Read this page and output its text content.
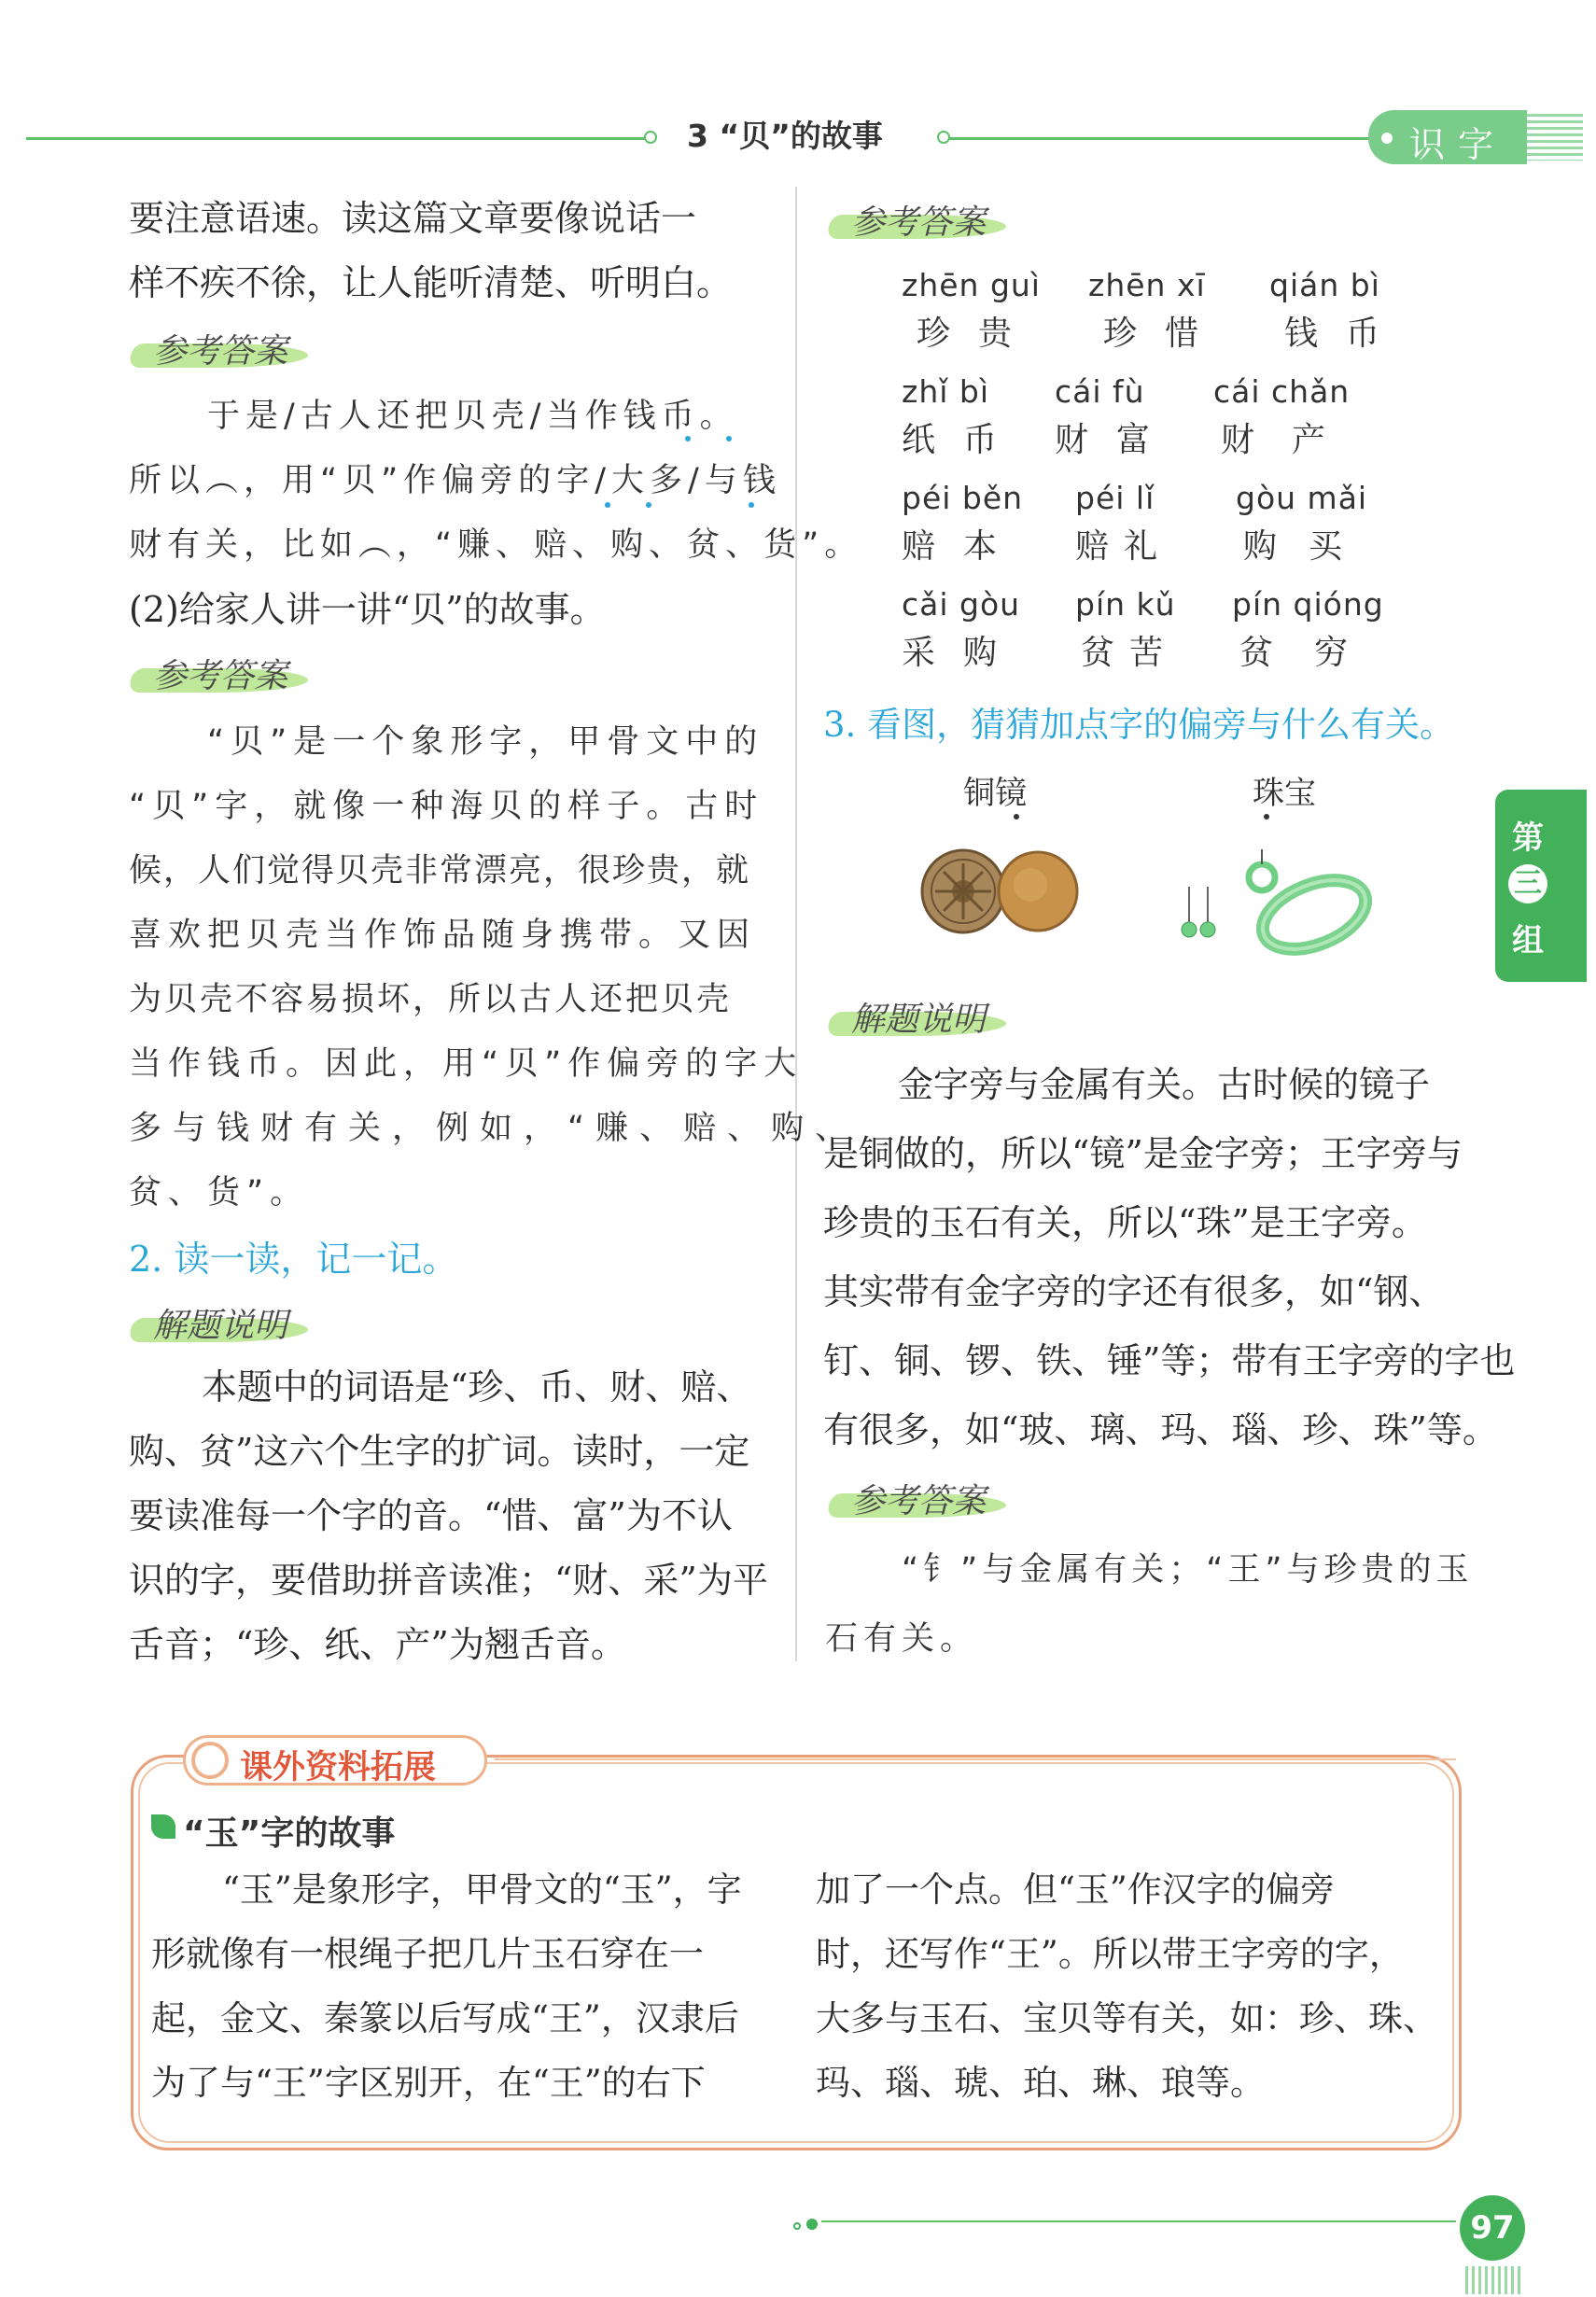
3 “贝”的故事	识字
第
三
组

要注意语速。读这篇文章要像说话一

样不疾不徐，让人能听清楚、听明白。

参考答案

于是/古人还把贝壳/当作钱币。

所以︵，用“贝”作偏旁的字/大多/与钱

财有关，比如︵，“赚、赔、购、贫、货”。

(2)给家人讲一讲“贝”的故事。

参考答案

“贝”是一个象形字，甲骨文中的

“贝”字，就像一种海贝的样子。古时

候，人们觉得贝壳非常漂亮，很珍贵，就

喜欢把贝壳当作饰品随身携带。又因

为贝壳不容易损坏，所以古人还把贝壳

当作钱币。因此，用“贝”作偏旁的字大

多与钱财有关，例如，“赚、赔、购、

贫、货”。

2. 读一读，记一记。
解题说明

本题中的词语是“珍、币、财、赔、

购、贫”这六个生字的扩词。读时，一定

要读准每一个字的音。“惜、富”为不认

识的字，要借助拼音读准；“财、采”为平

舌音；“珍、纸、产”为翘舌音。

参考答案
zhēn guì
珍贵
zhēn xī
珍惜
qián bì
钱币
zhǐ bì
纸币
cái fù
财富
cái chǎn
财产
péi běn
赔本
péi lǐ
赔礼
gòu mǎi
购买
cǎi gòu
采购
pín kǔ
贫苦
pín qióng
贫穷
3. 看图，猜猜加点字的偏旁与什么有关。
铜镜	珠宝
解题说明

金字旁与金属有关。古时候的镜子

是铜做的，所以“镜”是金字旁；王字旁与

珍贵的玉石有关，所以“珠”是王字旁。

其实带有金字旁的字还有很多，如“钢、

钉、铜、锣、铁、锤”等；带有王字旁的字也

有很多，如“玻、璃、玛、瑙、珍、珠”等。

参考答案

“钅”与金属有关；“王”与珍贵的玉

石有关。

课外资料拓展
“玉”字的故事

“玉”是象形字，甲骨文的“玉”，字

形就像有一根绳子把几片玉石穿在一

起，金文、秦篆以后写成“王”，汉隶后

为了与“王”字区别开，在“王”的右下

加了一个点。但“玉”作汉字的偏旁

时，还写作“王”。所以带王字旁的字，

大多与玉石、宝贝等有关，如：珍、珠、

玛、瑙、琥、珀、琳、琅等。

97
